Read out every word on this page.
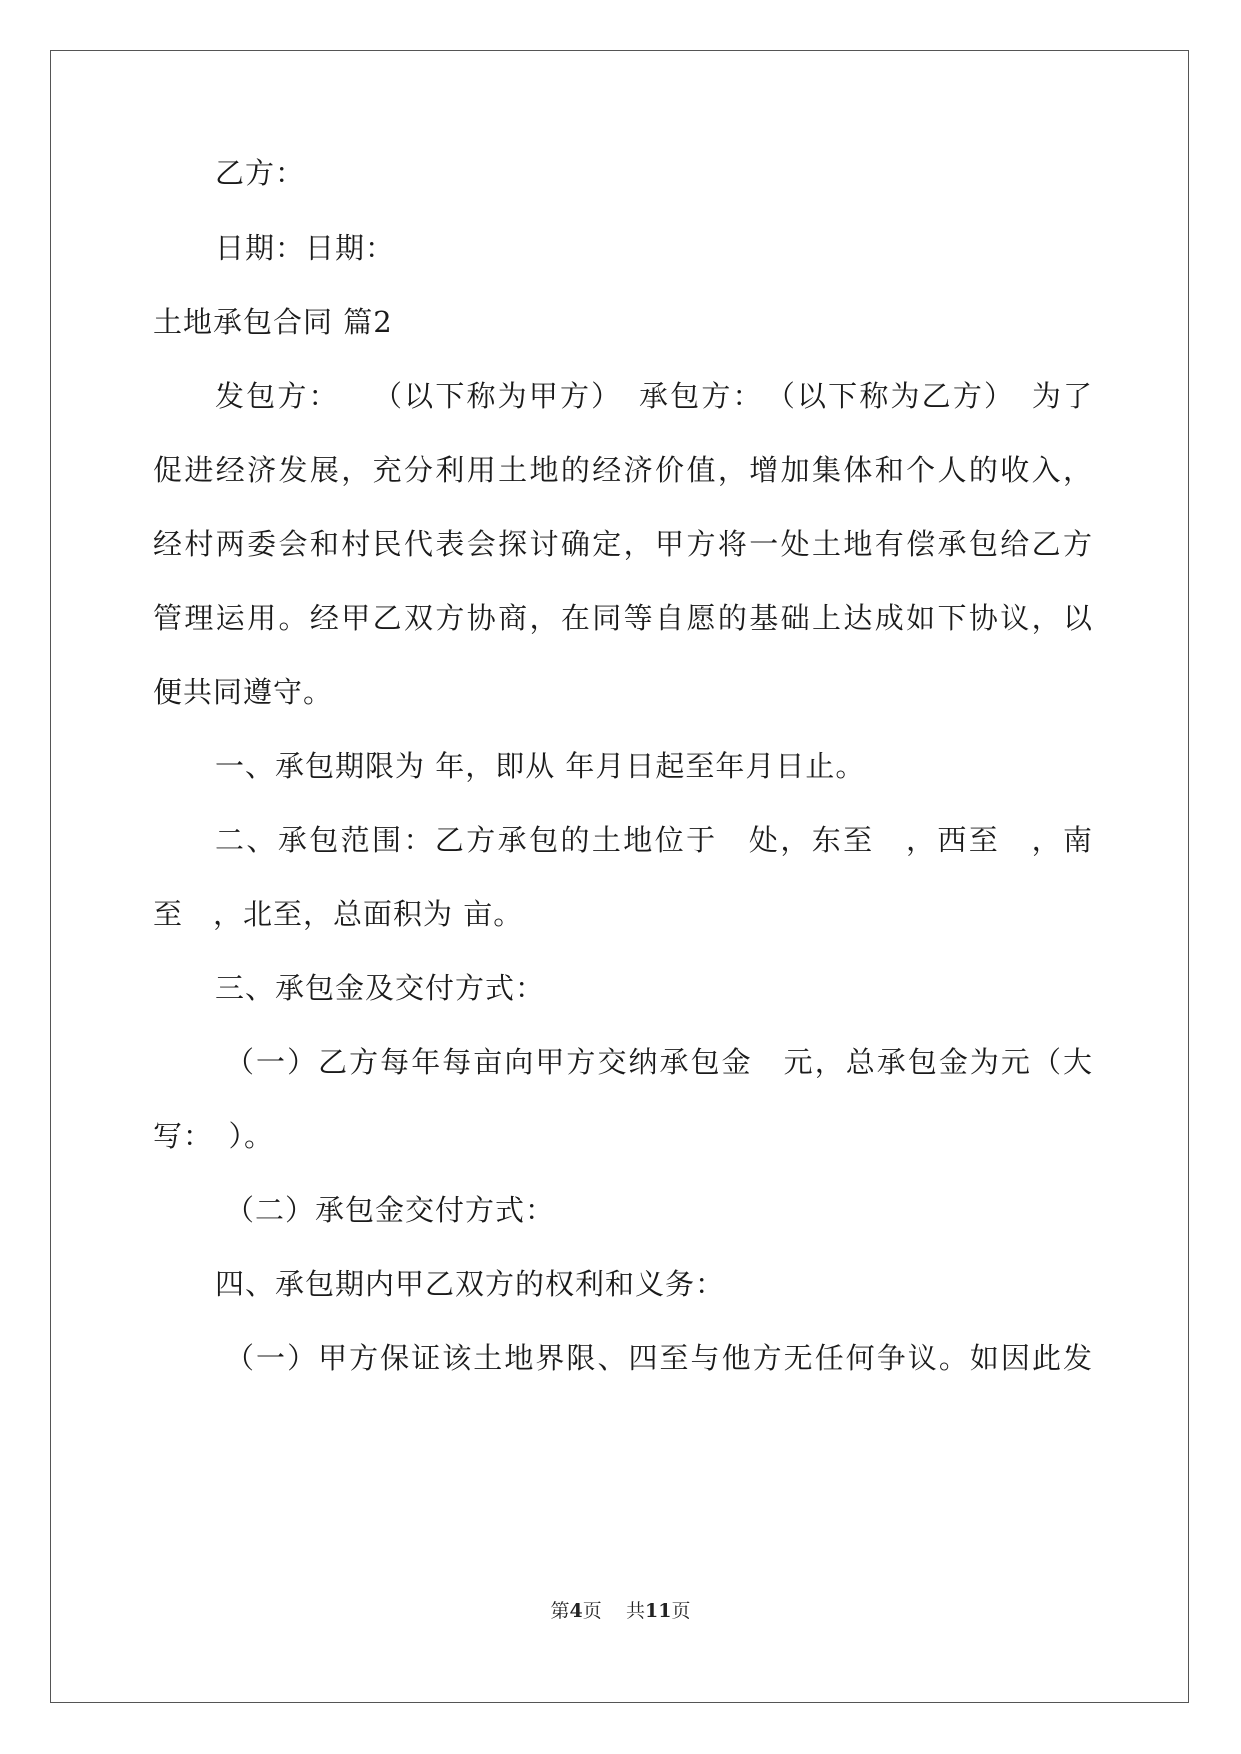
乙方：
日期：日期：
土地承包合同 篇2
发包方：　　（以下称为甲方）　承包方：　（以下称为乙方）　为了
促进经济发展，充分利用土地的经济价值，增加集体和个人的收入，
经村两委会和村民代表会探讨确定，甲方将一处土地有偿承包给乙方
管理运用。经甲乙双方协商，在同等自愿的基础上达成如下协议，以
便共同遵守。
一、承包期限为 年，即从 年月日起至年月日止。
二、承包范围：乙方承包的土地位于　处，东至　，西至　，南
至　，北至，总面积为 亩。
三、承包金及交付方式：
（一）乙方每年每亩向甲方交纳承包金　元，总承包金为元（大
写：　）。
（二）承包金交付方式：
四、承包期内甲乙双方的权利和义务：
（一）甲方保证该土地界限、四至与他方无任何争议。如因此发
第4页 共11页
